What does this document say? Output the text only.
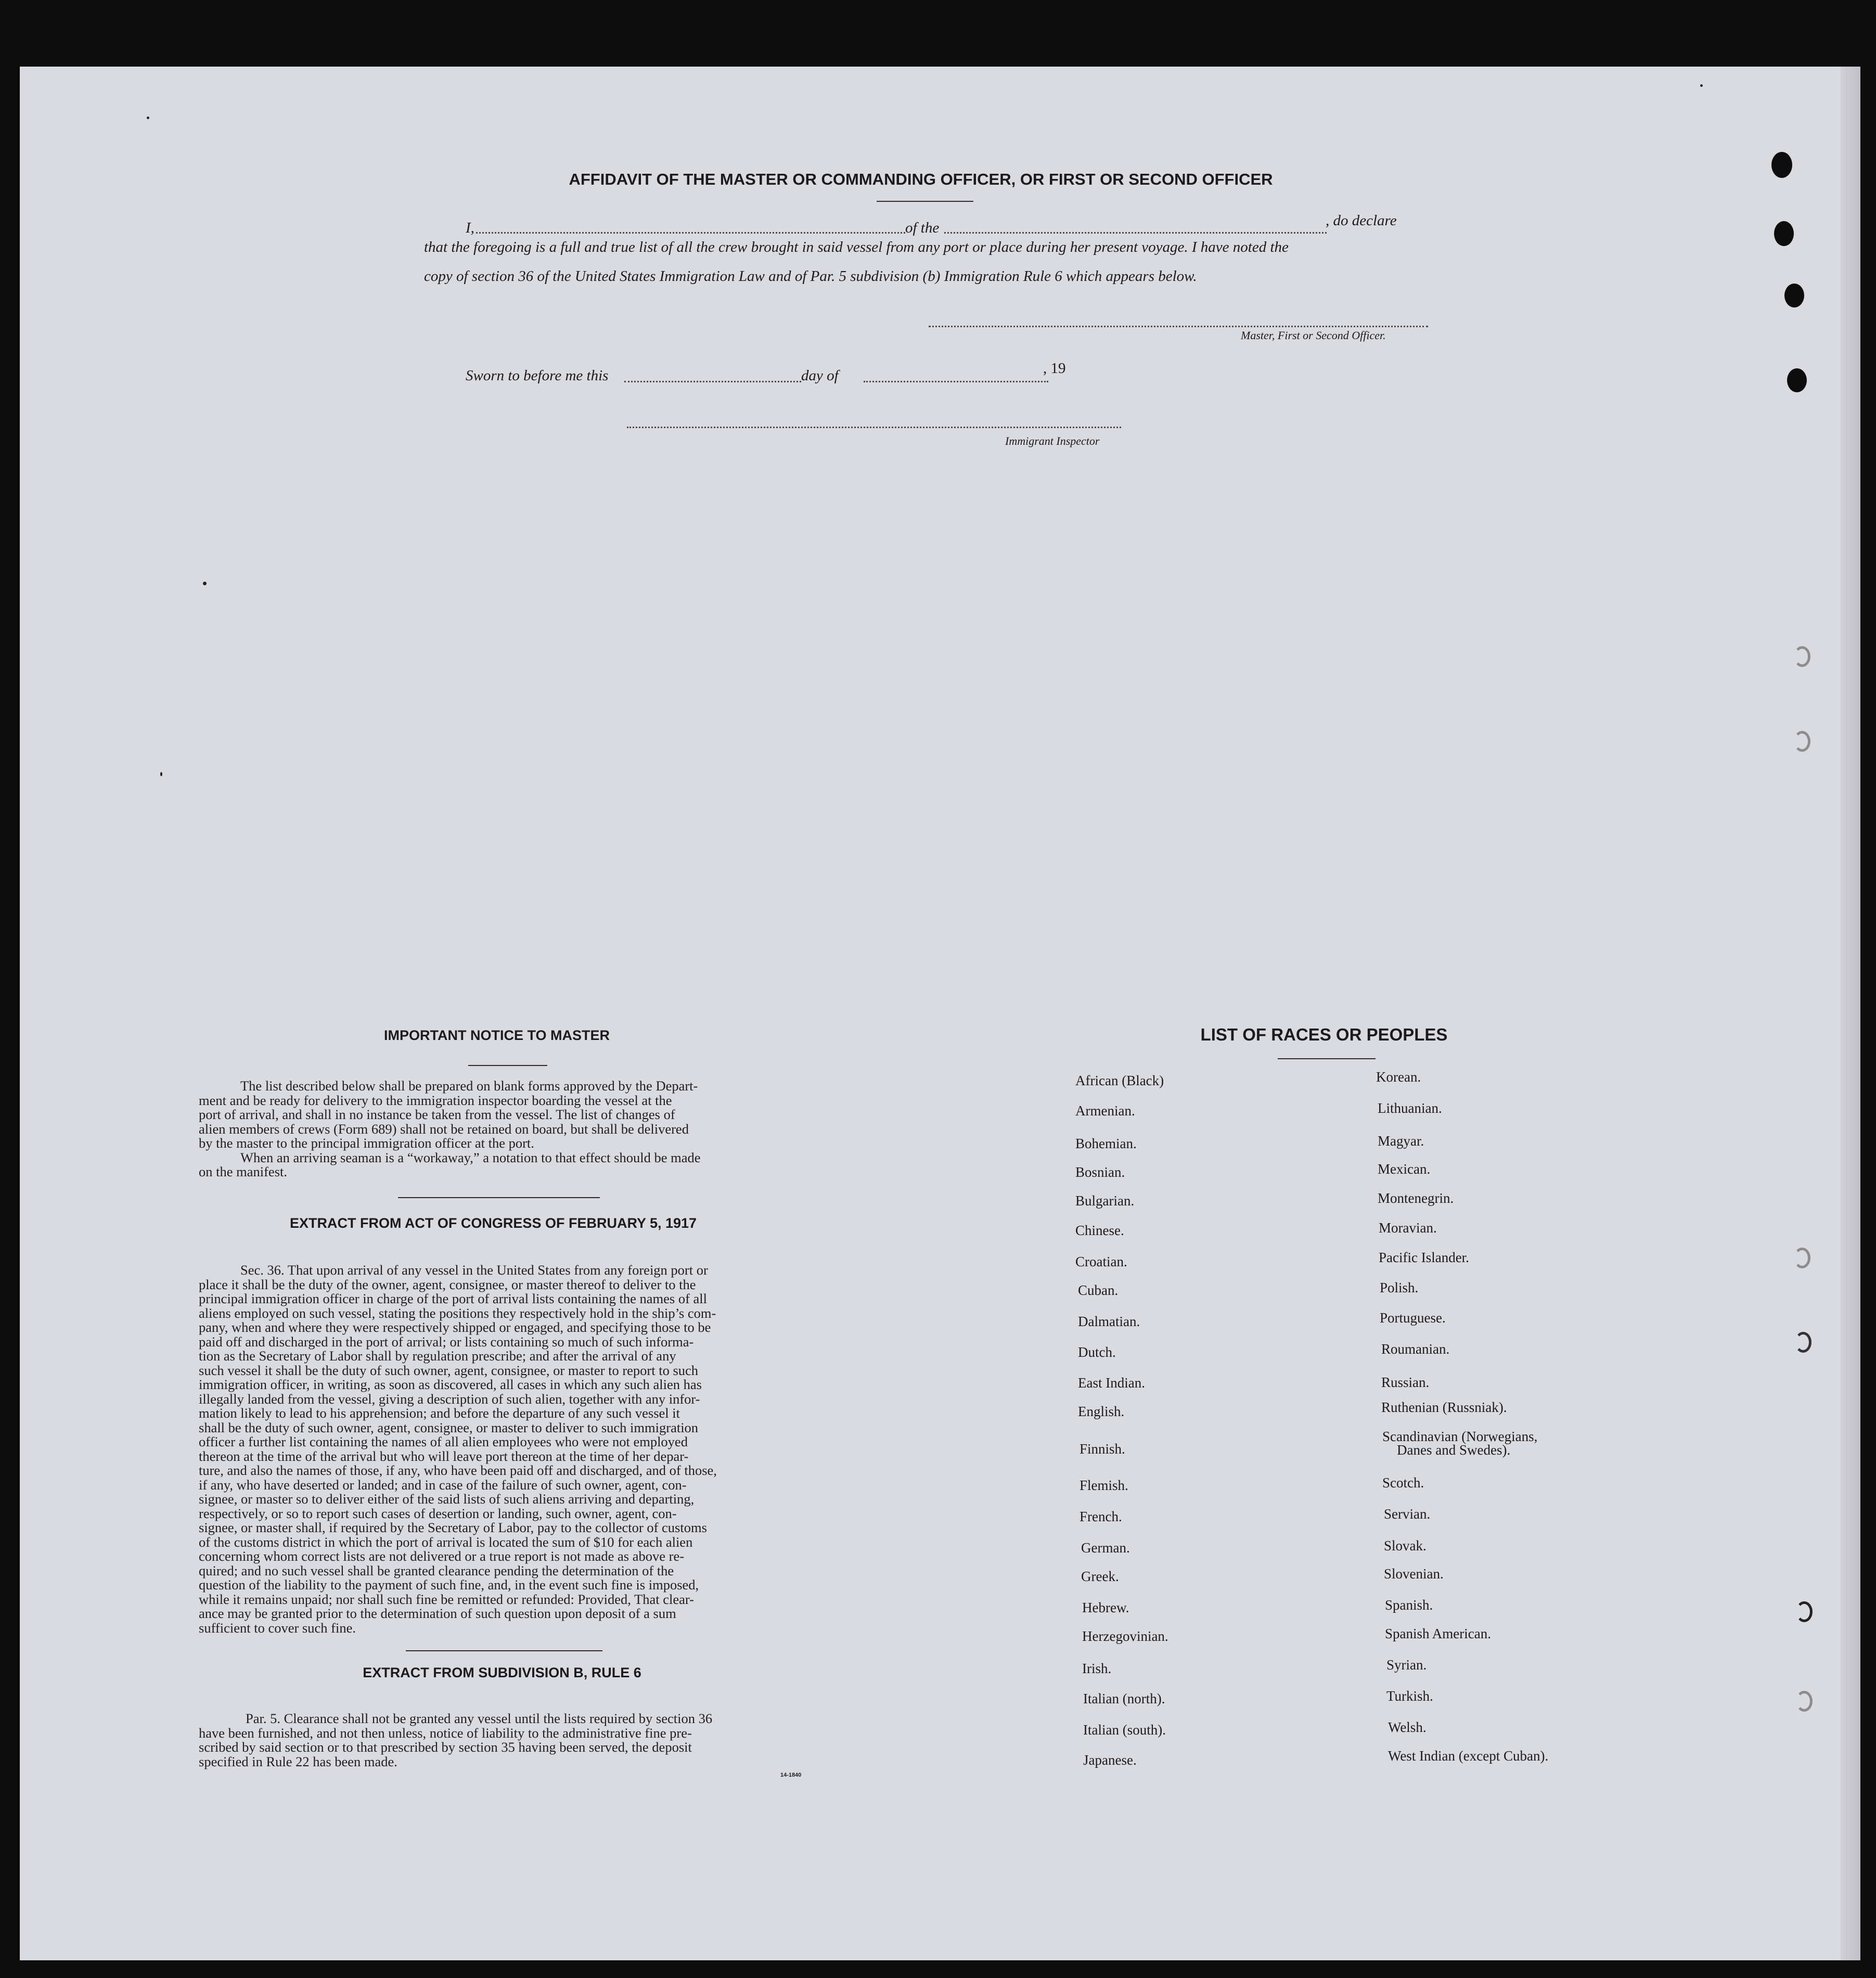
AFFIDAVIT OF THE MASTER OR COMMANDING OFFICER, OR FIRST OR SECOND OFFICER
I,	of the	, do declare
that the foregoing is a full and true list of all the crew brought in said vessel from any port or place during her present voyage. I have noted the
copy of section 36 of the United States Immigration Law and of Par. 5 subdivision (b) Immigration Rule 6 which appears below.
Master, First or Second Officer.
Sworn to before me this	day of	, 19
Immigrant Inspector
IMPORTANT NOTICE TO MASTER
The list described below shall be prepared on blank forms approved by the Depart-
ment and be ready for delivery to the immigration inspector boarding the vessel at the
port of arrival, and shall in no instance be taken from the vessel. The list of changes of
alien members of crews (Form 689) shall not be retained on board, but shall be delivered
by the master to the principal immigration officer at the port.
When an arriving seaman is a “workaway,” a notation to that effect should be made
on the manifest.
EXTRACT FROM ACT OF CONGRESS OF FEBRUARY 5, 1917
Sec. 36. That upon arrival of any vessel in the United States from any foreign port or
place it shall be the duty of the owner, agent, consignee, or master thereof to deliver to the
principal immigration officer in charge of the port of arrival lists containing the names of all
aliens employed on such vessel, stating the positions they respectively hold in the ship’s com-
pany, when and where they were respectively shipped or engaged, and specifying those to be
paid off and discharged in the port of arrival; or lists containing so much of such informa-
tion as the Secretary of Labor shall by regulation prescribe; and after the arrival of any
such vessel it shall be the duty of such owner, agent, consignee, or master to report to such
immigration officer, in writing, as soon as discovered, all cases in which any such alien has
illegally landed from the vessel, giving a description of such alien, together with any infor-
mation likely to lead to his apprehension; and before the departure of any such vessel it
shall be the duty of such owner, agent, consignee, or master to deliver to such immigration
officer a further list containing the names of all alien employees who were not employed
thereon at the time of the arrival but who will leave port thereon at the time of her depar-
ture, and also the names of those, if any, who have been paid off and discharged, and of those,
if any, who have deserted or landed; and in case of the failure of such owner, agent, con-
signee, or master so to deliver either of the said lists of such aliens arriving and departing,
respectively, or so to report such cases of desertion or landing, such owner, agent, con-
signee, or master shall, if required by the Secretary of Labor, pay to the collector of customs
of the customs district in which the port of arrival is located the sum of $10 for each alien
concerning whom correct lists are not delivered or a true report is not made as above re-
quired; and no such vessel shall be granted clearance pending the determination of the
question of the liability to the payment of such fine, and, in the event such fine is imposed,
while it remains unpaid; nor shall such fine be remitted or refunded: Provided, That clear-
ance may be granted prior to the determination of such question upon deposit of a sum
sufficient to cover such fine.
EXTRACT FROM SUBDIVISION B, RULE 6
Par. 5. Clearance shall not be granted any vessel until the lists required by section 36
have been furnished, and not then unless, notice of liability to the administrative fine pre-
scribed by said section or to that prescribed by section 35 having been served, the deposit
specified in Rule 22 has been made.
14-1840
LIST OF RACES OR PEOPLES
African (Black)
Armenian.
Bohemian.
Bosnian.
Bulgarian.
Chinese.
Croatian.
Cuban.
Dalmatian.
Dutch.
East Indian.
English.
Finnish.
Flemish.
French.
German.
Greek.
Hebrew.
Herzegovinian.
Irish.
Italian (north).
Italian (south).
Japanese.
Korean.
Lithuanian.
Magyar.
Mexican.
Montenegrin.
Moravian.
Pacific Islander.
Polish.
Portuguese.
Roumanian.
Russian.
Ruthenian (Russniak).
Scandinavian (Norwegians,
Danes and Swedes).
Scotch.
Servian.
Slovak.
Slovenian.
Spanish.
Spanish American.
Syrian.
Turkish.
Welsh.
West Indian (except Cuban).
